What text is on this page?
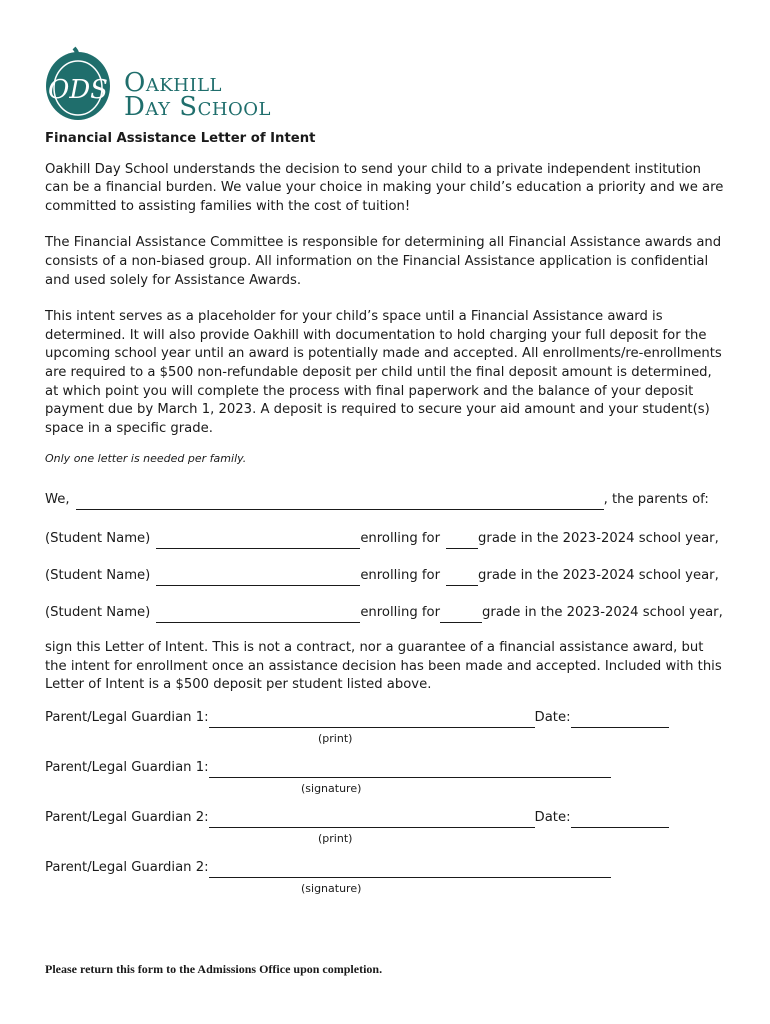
ODS Oakhill
Day School
Financial Assistance Letter of Intent

Oakhill Day School understands the decision to send your child to a private independent institution can be a financial burden. We value your choice in making your child’s education a priority and we are committed to assisting families with the cost of tuition!

The Financial Assistance Committee is responsible for determining all Financial Assistance awards and consists of a non-biased group. All information on the Financial Assistance application is confidential and used solely for Assistance Awards.

This intent serves as a placeholder for your child’s space until a Financial Assistance award is determined. It will also provide Oakhill with documentation to hold charging your full deposit for the upcoming school year until an award is potentially made and accepted. All enrollments/re-enrollments are required to a $500 non-refundable deposit per child until the final deposit amount is determined, at which point you will complete the process with final paperwork and the balance of your deposit payment due by March 1, 2023. A deposit is required to secure your aid amount and your student(s) space in a specific grade.

Only one letter is needed per family.
We,	, the parents of:
(Student Name)	enrolling for	grade in the 2023-2024 school year,
(Student Name)	enrolling for	grade in the 2023-2024 school year,
(Student Name)	enrolling for	grade in the 2023-2024 school year,

sign this Letter of Intent. This is not a contract, nor a guarantee of a financial assistance award, but the intent for enrollment once an assistance decision has been made and accepted. Included with this Letter of Intent is a $500 deposit per student listed above.

Parent/Legal Guardian 1:	Date:
(print)
Parent/Legal Guardian 1:
(signature)
Parent/Legal Guardian 2:	Date:
(print)
Parent/Legal Guardian 2:
(signature)
Please return this form to the Admissions Office upon completion.
